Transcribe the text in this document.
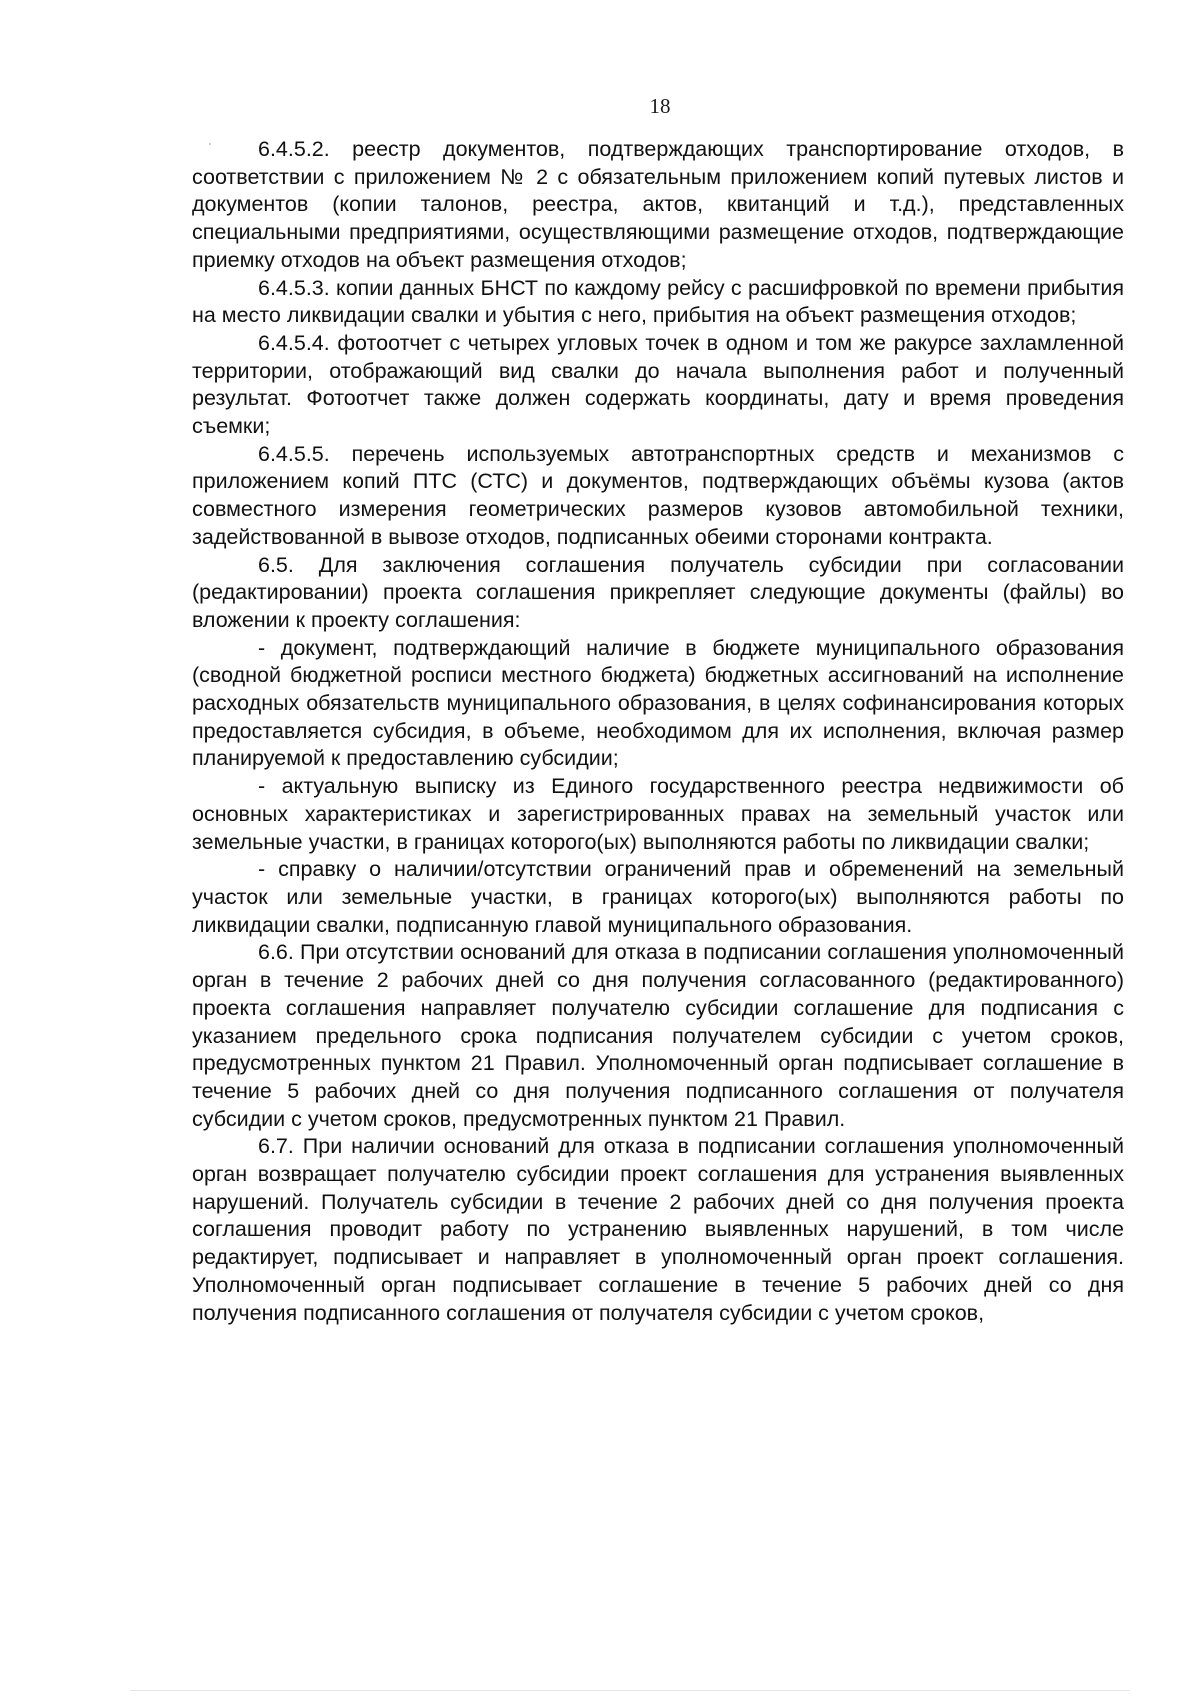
18

6.4.5.2. реестр документов, подтверждающих транспортирование отходов, в соответствии с приложением № 2 с обязательным приложением копий путевых листов и документов (копии талонов, реестра, актов, квитанций и т.д.), представленных специальными предприятиями, осуществляющими размещение отходов, подтверждающие приемку отходов на объект размещения отходов;

6.4.5.3. копии данных БНСТ по каждому рейсу с расшифровкой по времени прибытия на место ликвидации свалки и убытия с него, прибытия на объект размещения отходов;

6.4.5.4. фотоотчет с четырех угловых точек в одном и том же ракурсе захламленной территории, отображающий вид свалки до начала выполнения работ и полученный результат. Фотоотчет также должен содержать координаты, дату и время проведения съемки;

6.4.5.5. перечень используемых автотранспортных средств и механизмов с приложением копий ПТС (СТС) и документов, подтверждающих объёмы кузова (актов совместного измерения геометрических размеров кузовов автомобильной техники, задействованной в вывозе отходов, подписанных обеими сторонами контракта.

6.5. Для заключения соглашения получатель субсидии при согласовании (редактировании) проекта соглашения прикрепляет следующие документы (файлы) во вложении к проекту соглашения:

- документ, подтверждающий наличие в бюджете муниципального образования (сводной бюджетной росписи местного бюджета) бюджетных ассигнований на исполнение расходных обязательств муниципального образования, в целях софинансирования которых предоставляется субсидия, в объеме, необходимом для их исполнения, включая размер планируемой к предоставлению субсидии;

- актуальную выписку из Единого государственного реестра недвижимости об основных характеристиках и зарегистрированных правах на земельный участок или земельные участки, в границах которого(ых) выполняются работы по ликвидации свалки;

- справку о наличии/отсутствии ограничений прав и обременений на земельный участок или земельные участки, в границах которого(ых) выполняются работы по ликвидации свалки, подписанную главой муниципального образования.

6.6. При отсутствии оснований для отказа в подписании соглашения уполномоченный орган в течение 2 рабочих дней со дня получения согласованного (редактированного) проекта соглашения направляет получателю субсидии соглашение для подписания с указанием предельного срока подписания получателем субсидии с учетом сроков, предусмотренных пунктом 21 Правил. Уполномоченный орган подписывает соглашение в течение 5 рабочих дней со дня получения подписанного соглашения от получателя субсидии с учетом сроков, предусмотренных пунктом 21 Правил.

6.7. При наличии оснований для отказа в подписании соглашения уполномоченный орган возвращает получателю субсидии проект соглашения для устранения выявленных нарушений. Получатель субсидии в течение 2 рабочих дней со дня получения проекта соглашения проводит работу по устранению выявленных нарушений, в том числе редактирует, подписывает и направляет в уполномоченный орган проект соглашения. Уполномоченный орган подписывает соглашение в течение 5 рабочих дней со дня получения подписанного соглашения от получателя субсидии с учетом сроков,
